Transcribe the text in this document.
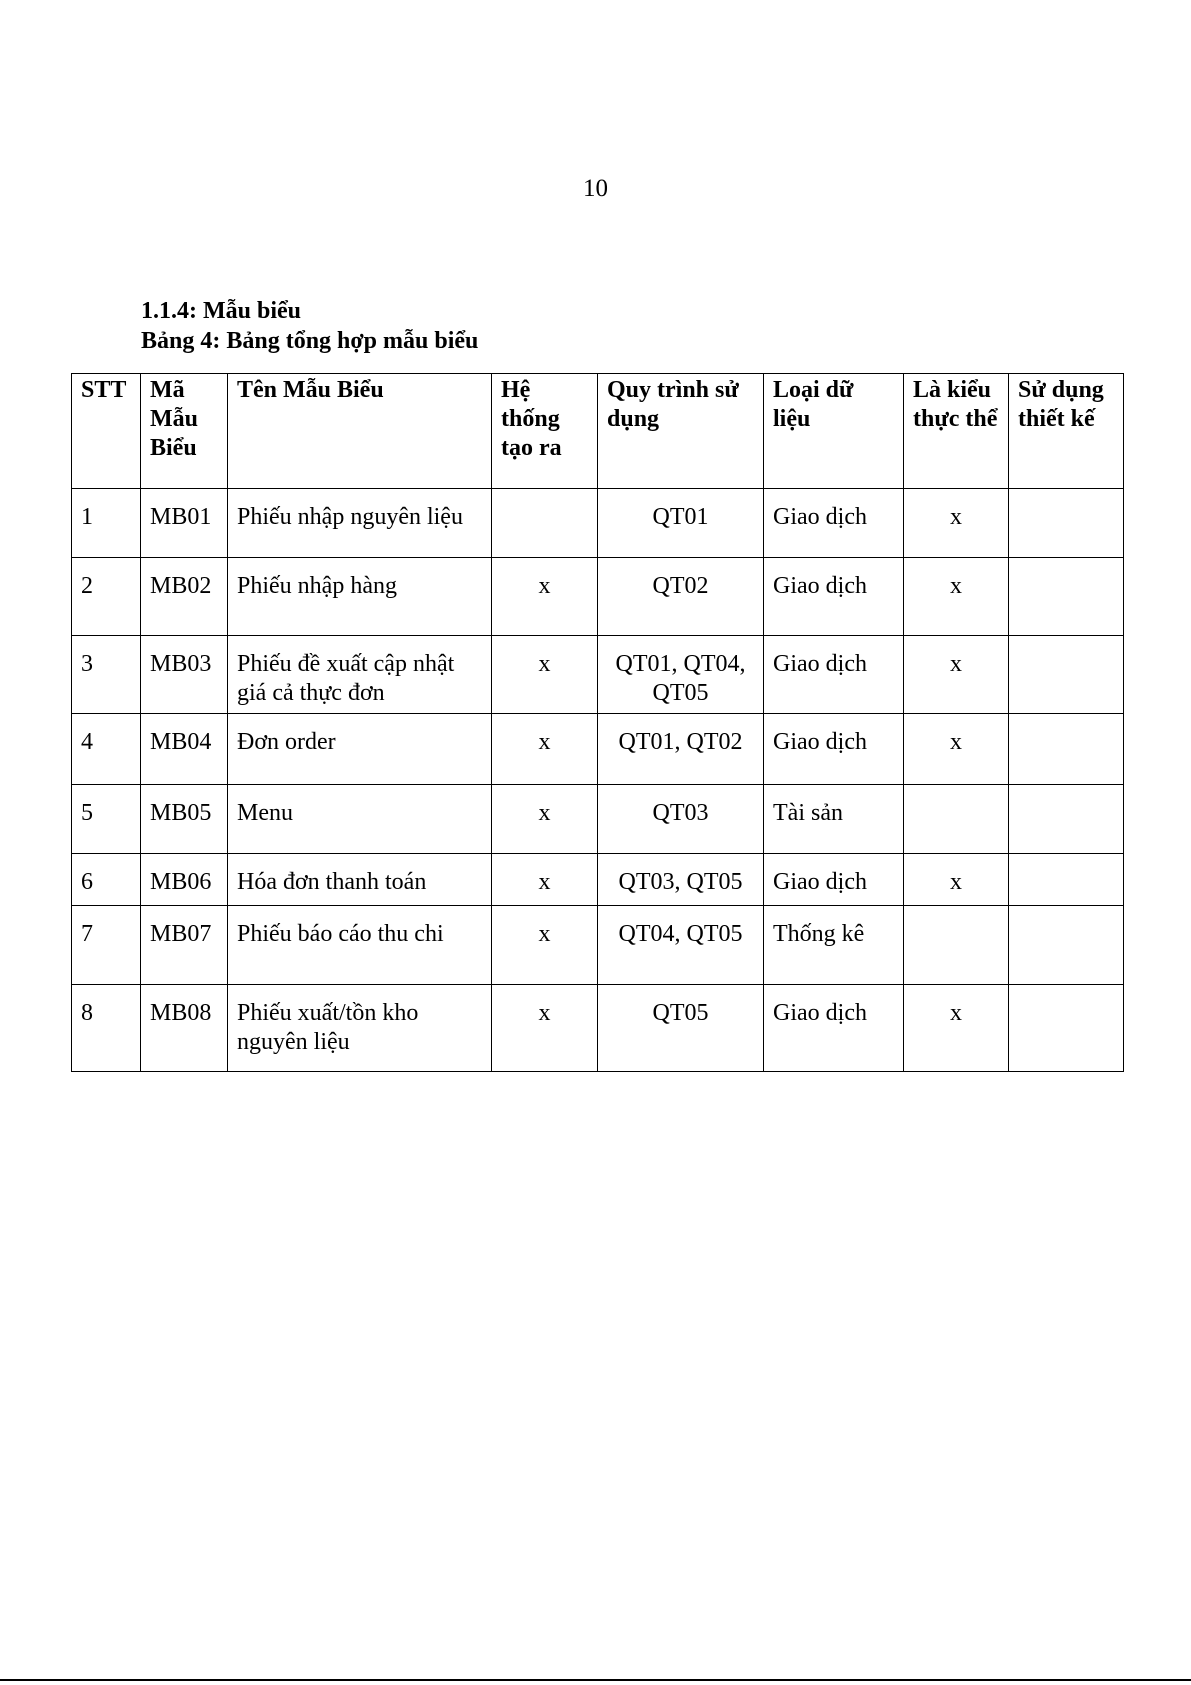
10
1.1.4: Mẫu biểu
Bảng 4: Bảng tổng hợp mẫu biểu
STT	Mã Mẫu Biểu	Tên Mẫu Biểu	Hệ thống tạo ra	Quy trình sử dụng	Loại dữ liệu	Là kiểu thực thể	Sử dụng thiết kế
1	MB01	Phiếu nhập nguyên liệu		QT01	Giao dịch	x	
2	MB02	Phiếu nhập hàng	x	QT02	Giao dịch	x	
3	MB03	Phiếu đề xuất cập nhật giá cả thực đơn	x	QT01, QT04, QT05	Giao dịch	x	
4	MB04	Đơn order	x	QT01, QT02	Giao dịch	x	
5	MB05	Menu	x	QT03	Tài sản		
6	MB06	Hóa đơn thanh toán	x	QT03, QT05	Giao dịch	x	
7	MB07	Phiếu báo cáo thu chi	x	QT04, QT05	Thống kê		
8	MB08	Phiếu xuất/tồn kho nguyên liệu	x	QT05	Giao dịch	x	
